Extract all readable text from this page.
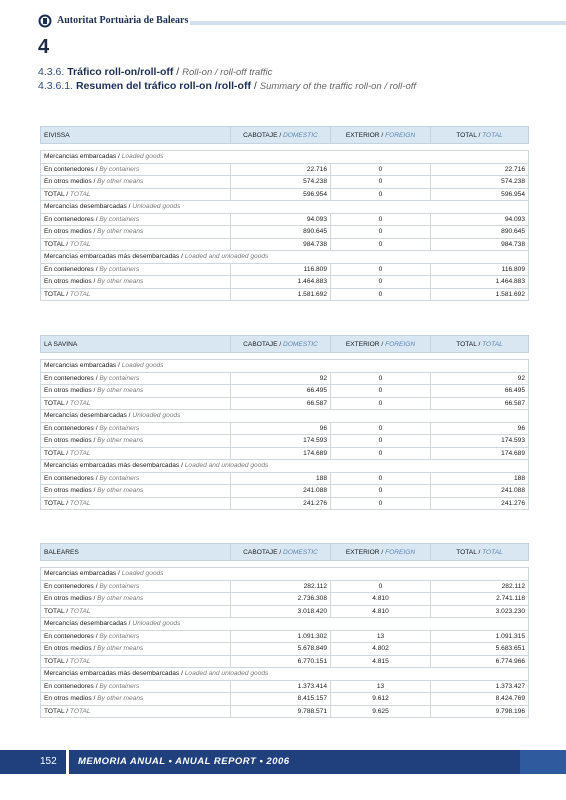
Autoritat Portuària de Balears
4
4.3.6. Tráfico roll-on/roll-off / Roll-on / roll-off traffic
4.3.6.1. Resumen del tráfico roll-on /roll-off / Summary of the traffic roll-on / roll-off
EIVISSA	CABOTAJE / DOMESTIC	EXTERIOR / FOREIGN	TOTAL / TOTAL

Mercancías embarcadas / Loaded goods			
En contenedores / By containers	22.716	0	22.716
En otros medios / By other means	574.238	0	574.238
TOTAL / TOTAL	596.954	0	596.954
Mercancías desembarcadas / Unloaded goods			
En contenedores / By containers	94.093	0	94.093
En otros medios / By other means	890.645	0	890.645
TOTAL / TOTAL	984.738	0	984.738
Mercancías embarcadas más desembarcadas / Loaded and unloaded goods			
En contenedores / By containers	116.809	0	116.809
En otros medios / By other means	1.464.883	0	1.464.883
TOTAL / TOTAL	1.581.692	0	1.581.692
LA SAVINA	CABOTAJE / DOMESTIC	EXTERIOR / FOREIGN	TOTAL / TOTAL

Mercancías embarcadas / Loaded goods			
En contenedores / By containers	92	0	92
En otros medios / By other means	66.495	0	66.495
TOTAL / TOTAL	66.587	0	66.587
Mercancías desembarcadas / Unloaded goods			
En contenedores / By containers	96	0	96
En otros medios / By other means	174.593	0	174.593
TOTAL / TOTAL	174.689	0	174.689
Mercancías embarcadas más desembarcadas / Loaded and unloaded goods			
En contenedores / By containers	188	0	188
En otros medios / By other means	241.088	0	241.088
TOTAL / TOTAL	241.276	0	241.276
BALEARES	CABOTAJE / DOMESTIC	EXTERIOR / FOREIGN	TOTAL / TOTAL

Mercancías embarcadas / Loaded goods			
En contenedores / By containers	282.112	0	282.112
En otros medios / By other means	2.736.308	4.810	2.741.118
TOTAL / TOTAL	3.018.420	4.810	3.023.230
Mercancías desembarcadas / Unloaded goods			
En contenedores / By containers	1.091.302	13	1.091.315
En otros medios / By other means	5.678.849	4.802	5.683.651
TOTAL / TOTAL	6.770.151	4.815	6.774.966
Mercancías embarcadas más desembarcadas / Loaded and unloaded goods			
En contenedores / By containers	1.373.414	13	1.373.427
En otros medios / By other means	8.415.157	9.612	8.424.769
TOTAL / TOTAL	9.788.571	9.625	9.798.196
152 MEMORIA ANUAL • ANUAL REPORT • 2006
